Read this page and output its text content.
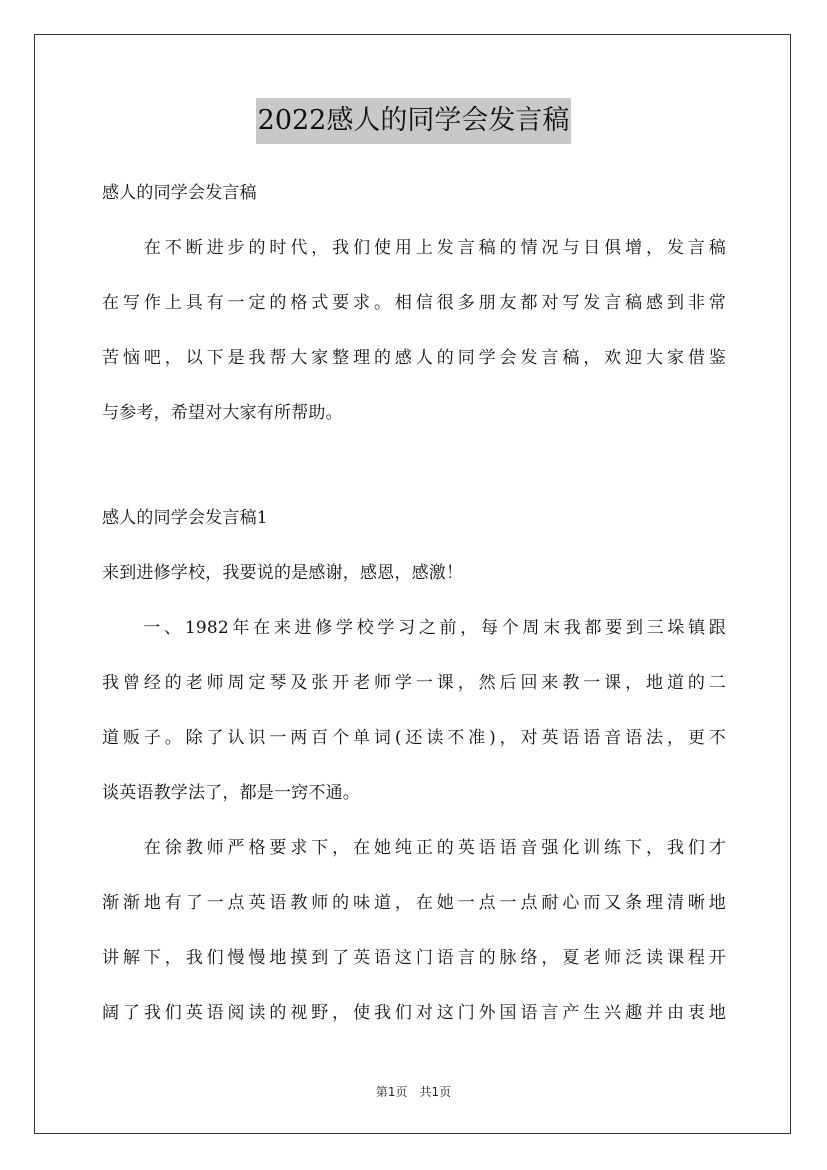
2022感人的同学会发言稿
感人的同学会发言稿
　　在不断进步的时代，我们使用上发言稿的情况与日俱增，发言稿
在写作上具有一定的格式要求。相信很多朋友都对写发言稿感到非常
苦恼吧，以下是我帮大家整理的感人的同学会发言稿，欢迎大家借鉴
与参考，希望对大家有所帮助。
感人的同学会发言稿1
来到进修学校，我要说的是感谢，感恩，感激！
　　一、1982年在来进修学校学习之前，每个周末我都要到三垛镇跟
我曾经的老师周定琴及张开老师学一课，然后回来教一课，地道的二
道贩子。除了认识一两百个单词(还读不准)，对英语语音语法，更不
谈英语教学法了，都是一窍不通。
　　在徐教师严格要求下，在她纯正的英语语音强化训练下，我们才
渐渐地有了一点英语教师的味道，在她一点一点耐心而又条理清晰地
讲解下，我们慢慢地摸到了英语这门语言的脉络，夏老师泛读课程开
阔了我们英语阅读的视野，使我们对这门外国语言产生兴趣并由衷地
第1页　共1页
